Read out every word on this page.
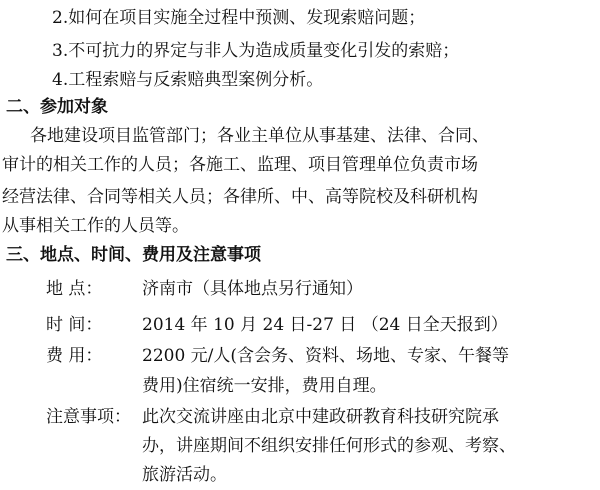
2.如何在项目实施全过程中预测、发现索赔问题；
3.不可抗力的界定与非人为造成质量变化引发的索赔；
4.工程索赔与反索赔典型案例分析。
二、参加对象
各地建设项目监管部门；各业主单位从事基建、法律、合同、
审计的相关工作的人员；各施工、监理、项目管理单位负责市场
经营法律、合同等相关人员；各律所、中、高等院校及科研机构
从事相关工作的人员等。
三、地点、时间、费用及注意事项
地 点： 济南市（具体地点另行通知）
时 间： 2014 年 10 月 24 日-27 日 （24 日全天报到）
费 用： 2200 元/人(含会务、资料、场地、专家、午餐等
费用)住宿统一安排，费用自理。
注意事项： 此次交流讲座由北京中建政研教育科技研究院承
办，讲座期间不组织安排任何形式的参观、考察、
旅游活动。
